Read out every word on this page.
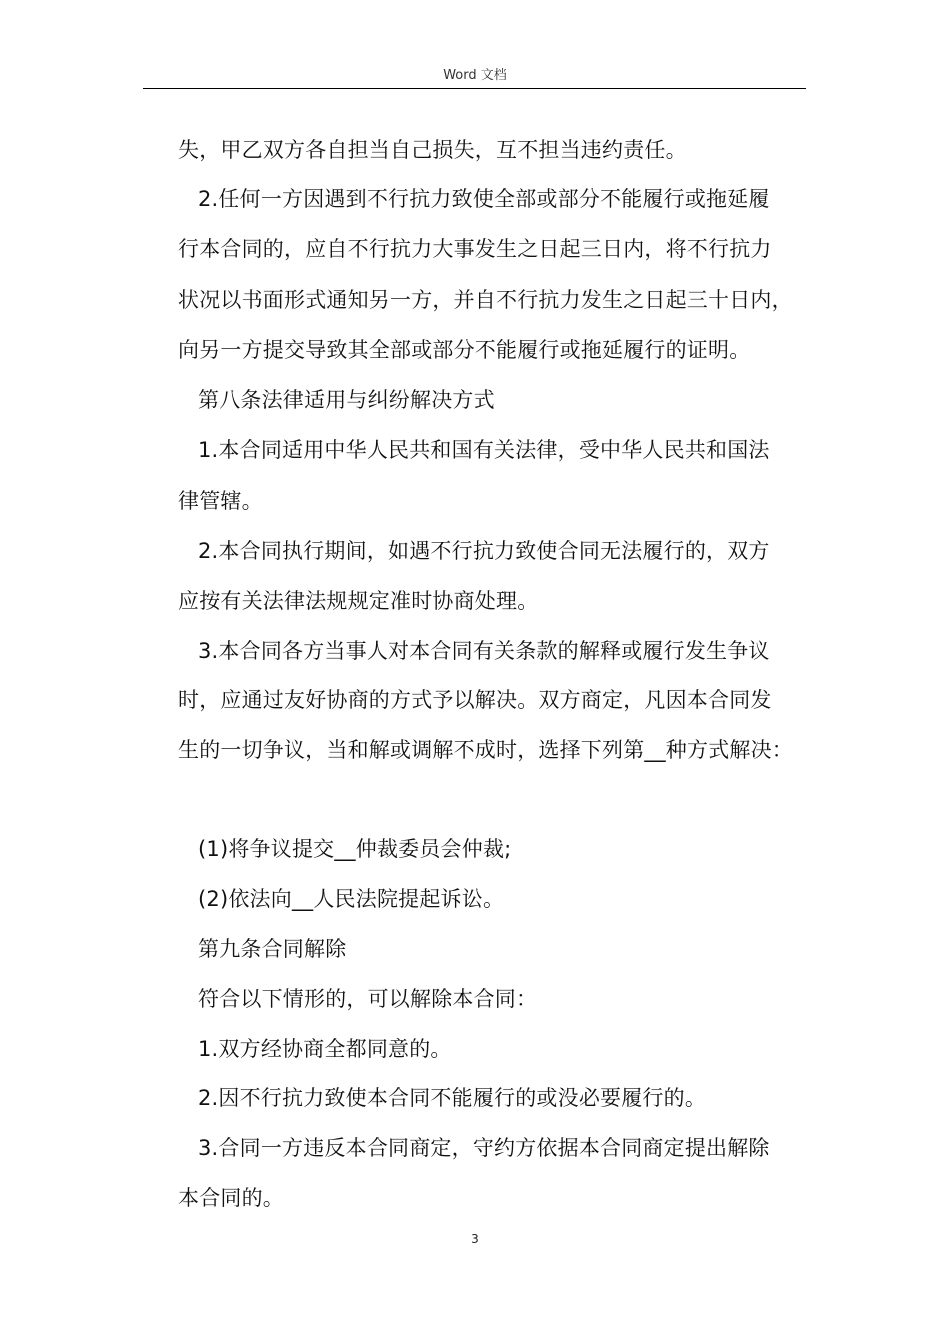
Word 文档
失，甲乙双方各自担当自己损失，互不担当违约责任。
2.任何一方因遇到不行抗力致使全部或部分不能履行或拖延履
行本合同的，应自不行抗力大事发生之日起三日内，将不行抗力
状况以书面形式通知另一方，并自不行抗力发生之日起三十日内，
向另一方提交导致其全部或部分不能履行或拖延履行的证明。
第八条法律适用与纠纷解决方式
1.本合同适用中华人民共和国有关法律，受中华人民共和国法
律管辖。
2.本合同执行期间，如遇不行抗力致使合同无法履行的，双方
应按有关法律法规规定准时协商处理。
3.本合同各方当事人对本合同有关条款的解释或履行发生争议
时，应通过友好协商的方式予以解决。双方商定，凡因本合同发
生的一切争议，当和解或调解不成时，选择下列第__种方式解决：
(1)将争议提交__仲裁委员会仲裁;
(2)依法向__人民法院提起诉讼。
第九条合同解除
符合以下情形的，可以解除本合同：
1.双方经协商全都同意的。
2.因不行抗力致使本合同不能履行的或没必要履行的。
3.合同一方违反本合同商定，守约方依据本合同商定提出解除
本合同的。
3
